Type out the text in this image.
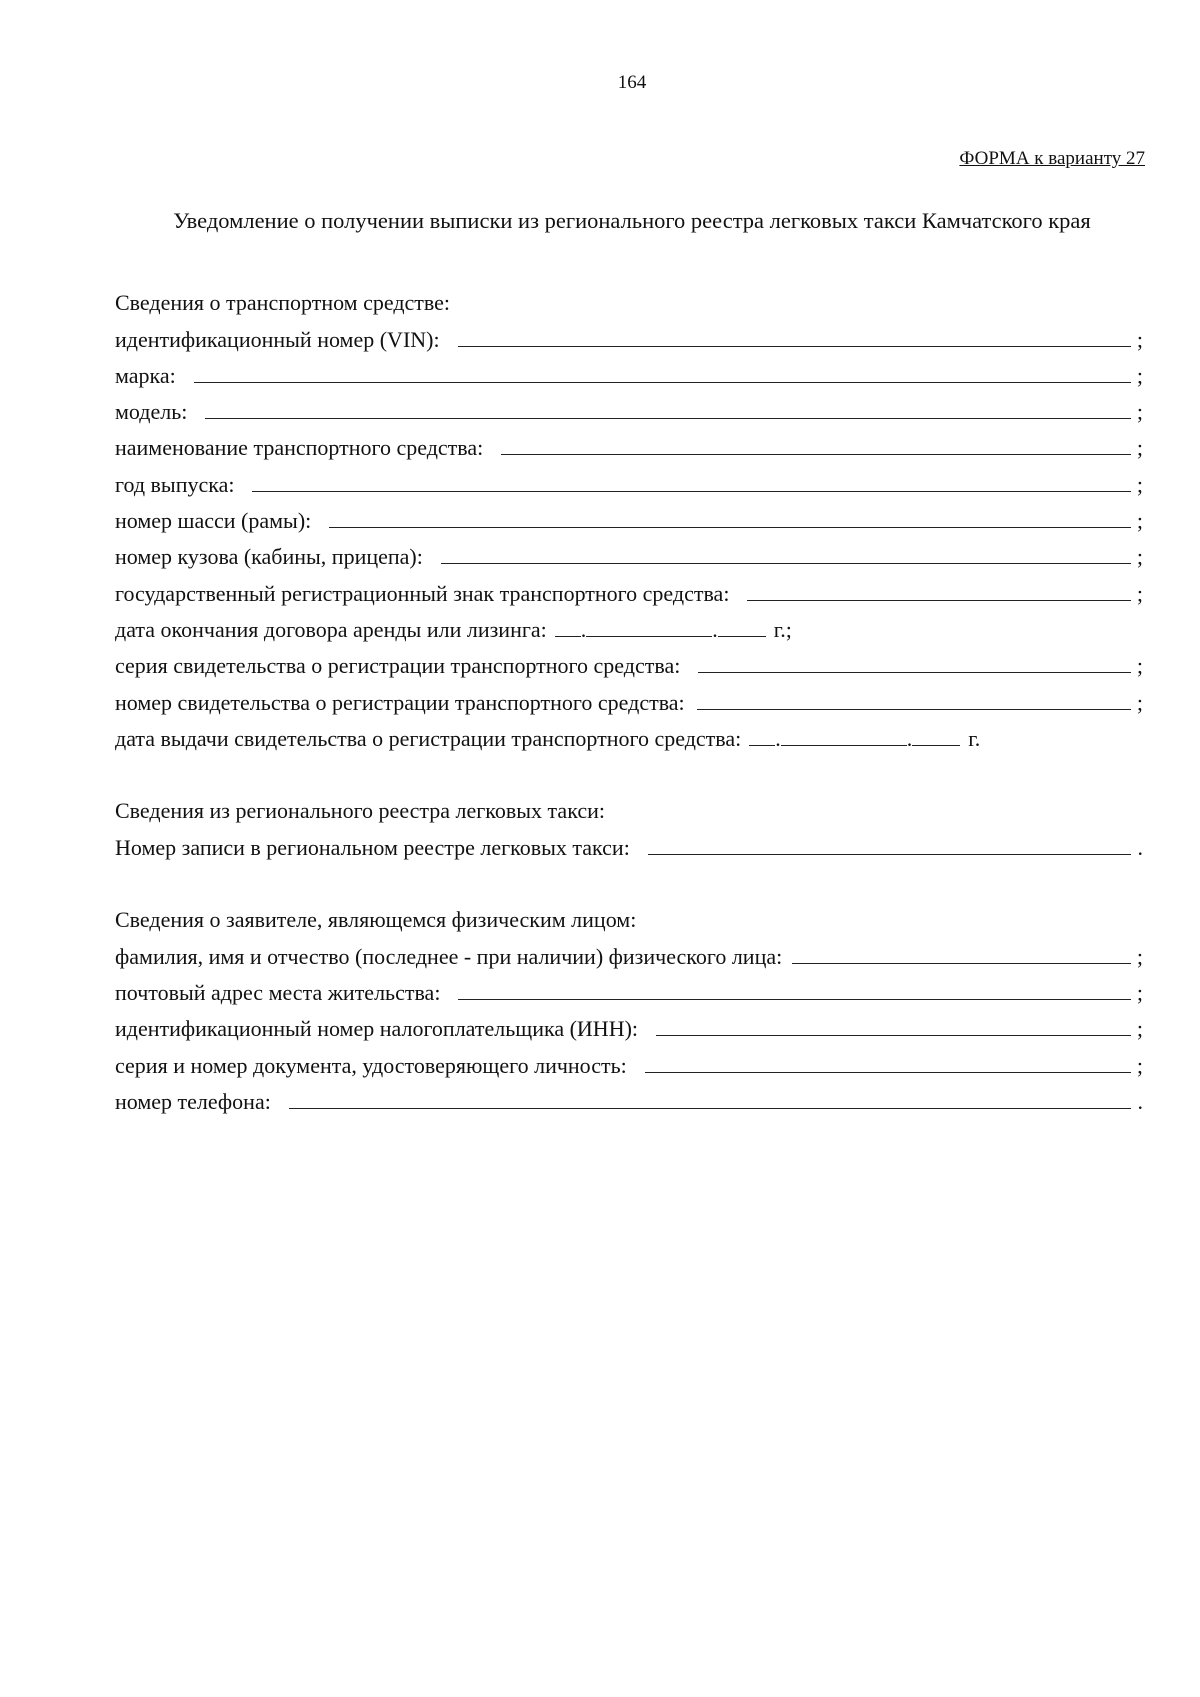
164
ФОРМА к варианту 27
Уведомление о получении выписки из регионального реестра легковых такси Камчатского края
Сведения о транспортном средстве:
идентификационный номер (VIN):	;
марка:	;
модель:	;
наименование транспортного средства:	;
год выпуска:	;
номер шасси (рамы):	;
номер кузова (кабины, прицепа):	;
государственный регистрационный знак транспортного средства:	;
дата окончания договора аренды или лизинга:	.	.	г.;
серия свидетельства о регистрации транспортного средства:	;
номер свидетельства о регистрации транспортного средства:	;
дата выдачи свидетельства о регистрации транспортного средства:	.	.	г.
Сведения из регионального реестра легковых такси:
Номер записи в региональном реестре легковых такси:	.
Сведения о заявителе, являющемся физическим лицом:
фамилия, имя и отчество (последнее - при наличии) физического лица:	;
почтовый адрес места жительства:	;
идентификационный номер налогоплательщика (ИНН):	;
серия и номер документа, удостоверяющего личность:	;
номер телефона:	.
